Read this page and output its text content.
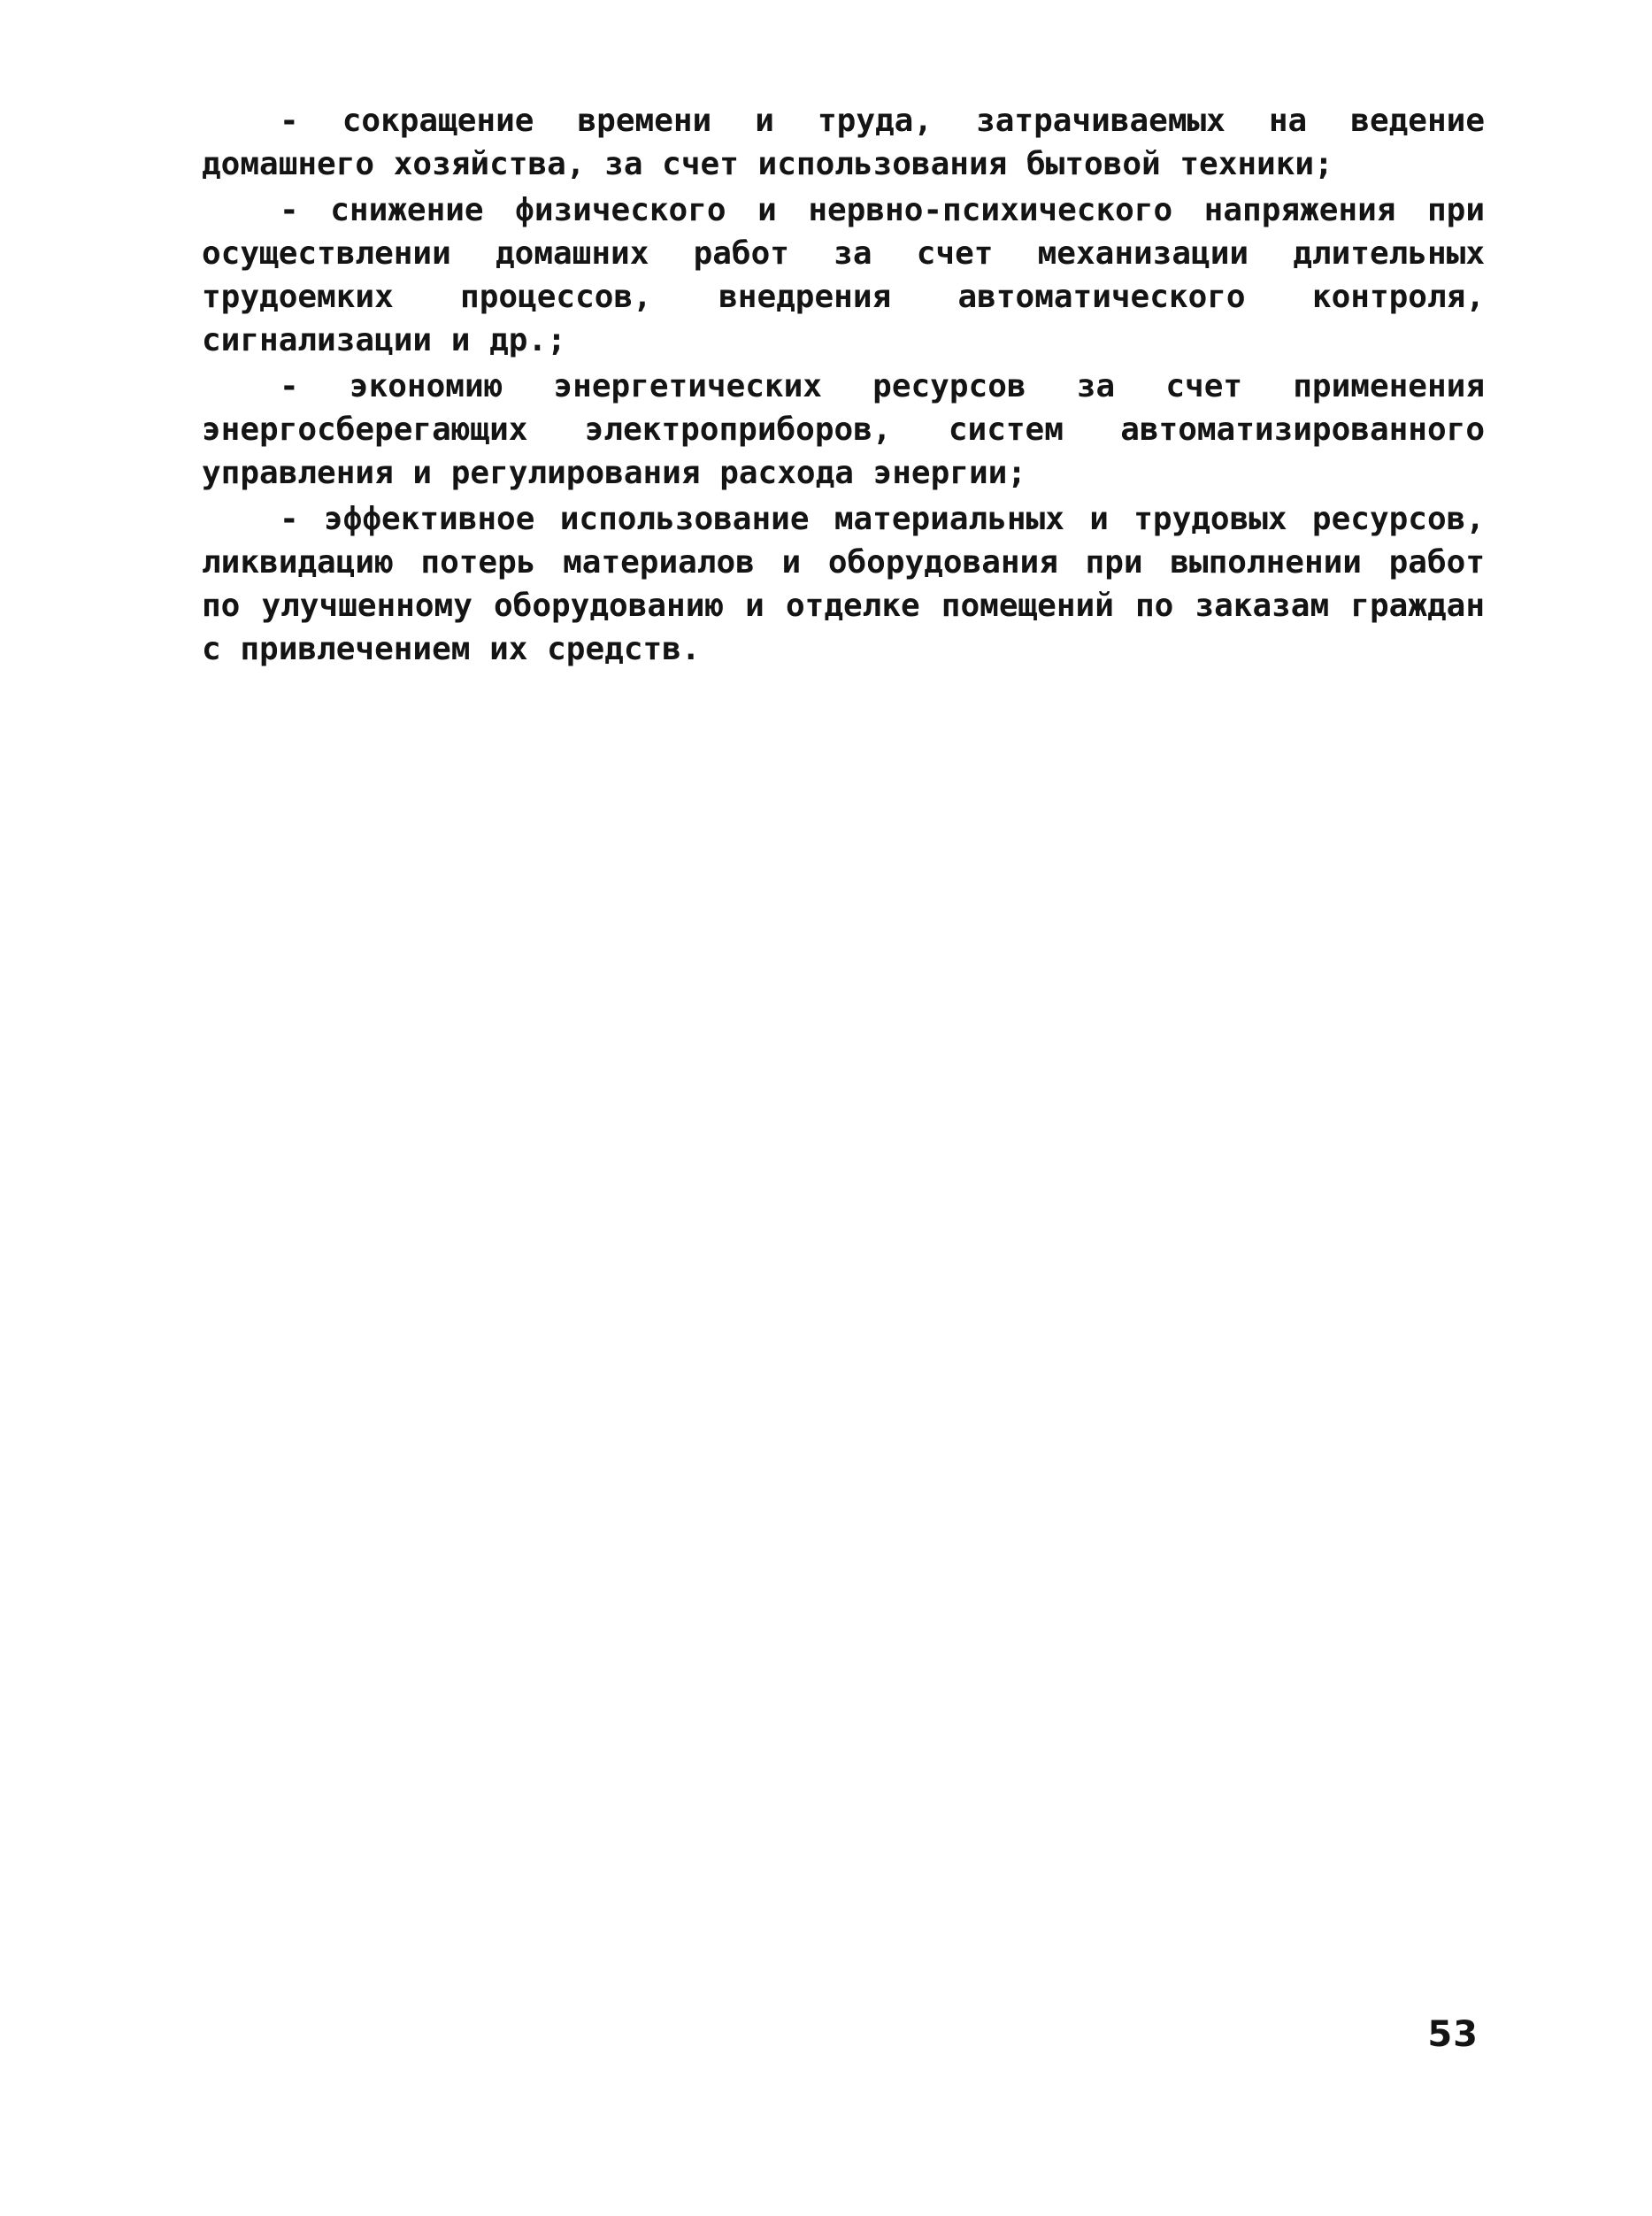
- сокращение времени и труда, затрачиваемых на ведение домашнего хозяйства, за счет использования бытовой техники;

- снижение физического и нервно-психического напряжения при осуществлении домашних работ за счет механизации длительных трудоемких процессов, внедрения автоматического контроля, сигнализации и др.;

- экономию энергетических ресурсов за счет применения энергосберегающих электроприборов, систем автоматизированного управления и регулирования расхода энергии;

- эффективное использование материальных и трудовых ресурсов, ликвидацию потерь материалов и оборудования при выполнении работ по улучшенному оборудованию и отделке помещений по заказам граждан с привлечением их средств.

53
